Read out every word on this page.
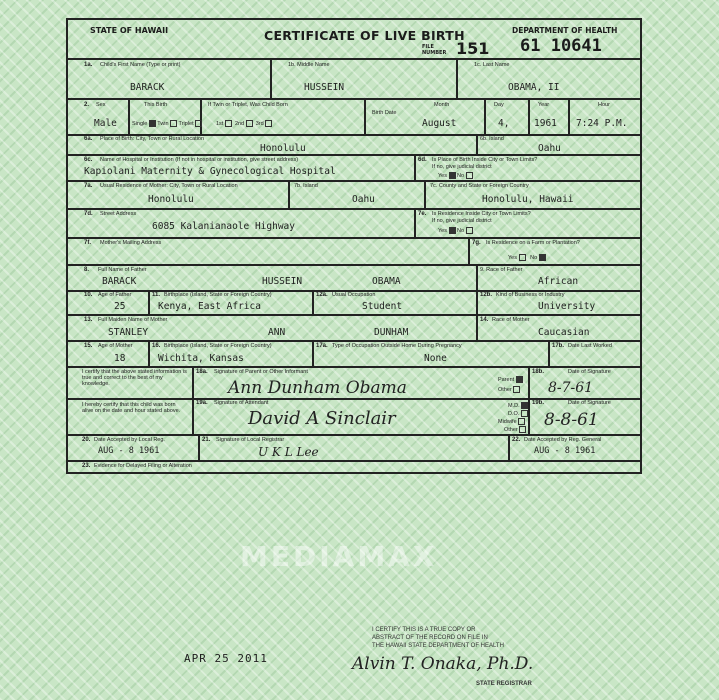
STATE OF HAWAII	CERTIFICATE OF LIVE BIRTH
FILE
NUMBER 151
DEPARTMENT OF HEALTH
61 10641
1a. Child's First Name (Type or print)	1b. Middle Name	1c. Last Name
BARACK	HUSSEIN	OBAMA, II
2. Sex
Male
This Birth
Single Twin Triplet
If Twin or Triplet, Was Child Born
1st 2nd 3rd
Birth Date
Month	Day	Year	Hour
August	4,	1961 7:24 P.M.
6a. Place of Birth: City, Town or Rural Location	6b. Island
Honolulu	Oahu
6c. Name of Hospital or Institution (If not in hospital or institution, give street address)
Kapiolani Maternity & Gynecological Hospital
6d. Is Place of Birth Inside City or Town Limits?
If no, give judicial district
Yes No
7a. Usual Residence of Mother: City, Town or Rural Location	7b. Island	7c. County and State or Foreign Country
Honolulu	Oahu	Honolulu, Hawaii
7d. Street Address
6085 Kalanianaole Highway
7e. Is Residence Inside City or Town Limits?
If no, give judicial district
Yes No
7f. Mother's Mailing Address	7g. Is Residence on a Farm or Plantation?
Yes No
8. Full Name of Father	9. Race of Father
BARACK	HUSSEIN	OBAMA	African
10. Age of Father
25
11. Birthplace (Island, State or Foreign Country)
Kenya, East Africa
12a. Usual Occupation
Student
12b. Kind of Business or Industry
University
13. Full Maiden Name of Mother
STANLEY	ANN	DUNHAM
14. Race of Mother
Caucasian
15. Age of Mother
18
16. Birthplace (Island, State or Foreign Country)
Wichita, Kansas
17a. Type of Occupation Outside Home During Pregnancy
None
17b. Date Last Worked
I certify that the above stated information is true and correct to the best of my knowledge.
18a. Signature of Parent or Other Informant
Ann Dunham Obama	Parent
Other
18b.	Date of Signature
8-7-61
I hereby certify that this child was born alive on the date and hour stated above.
19a. Signature of Attendant
David A Sinclair
M.D.
D.O.
Midwife
Other
19b.	Date of Signature
8-8-61
20. Date Accepted by Local Reg.
AUG - 8 1961
21. Signature of Local Registrar
U K L Lee
22. Date Accepted by Reg. General
AUG - 8 1961
23. Evidence for Delayed Filing or Alteration
MEDIAMAX
APR 25 2011
I CERTIFY THIS IS A TRUE COPY OR
ABSTRACT OF THE RECORD ON FILE IN
THE HAWAII STATE DEPARTMENT OF HEALTH
Alvin T. Onaka, Ph.D.
STATE REGISTRAR
